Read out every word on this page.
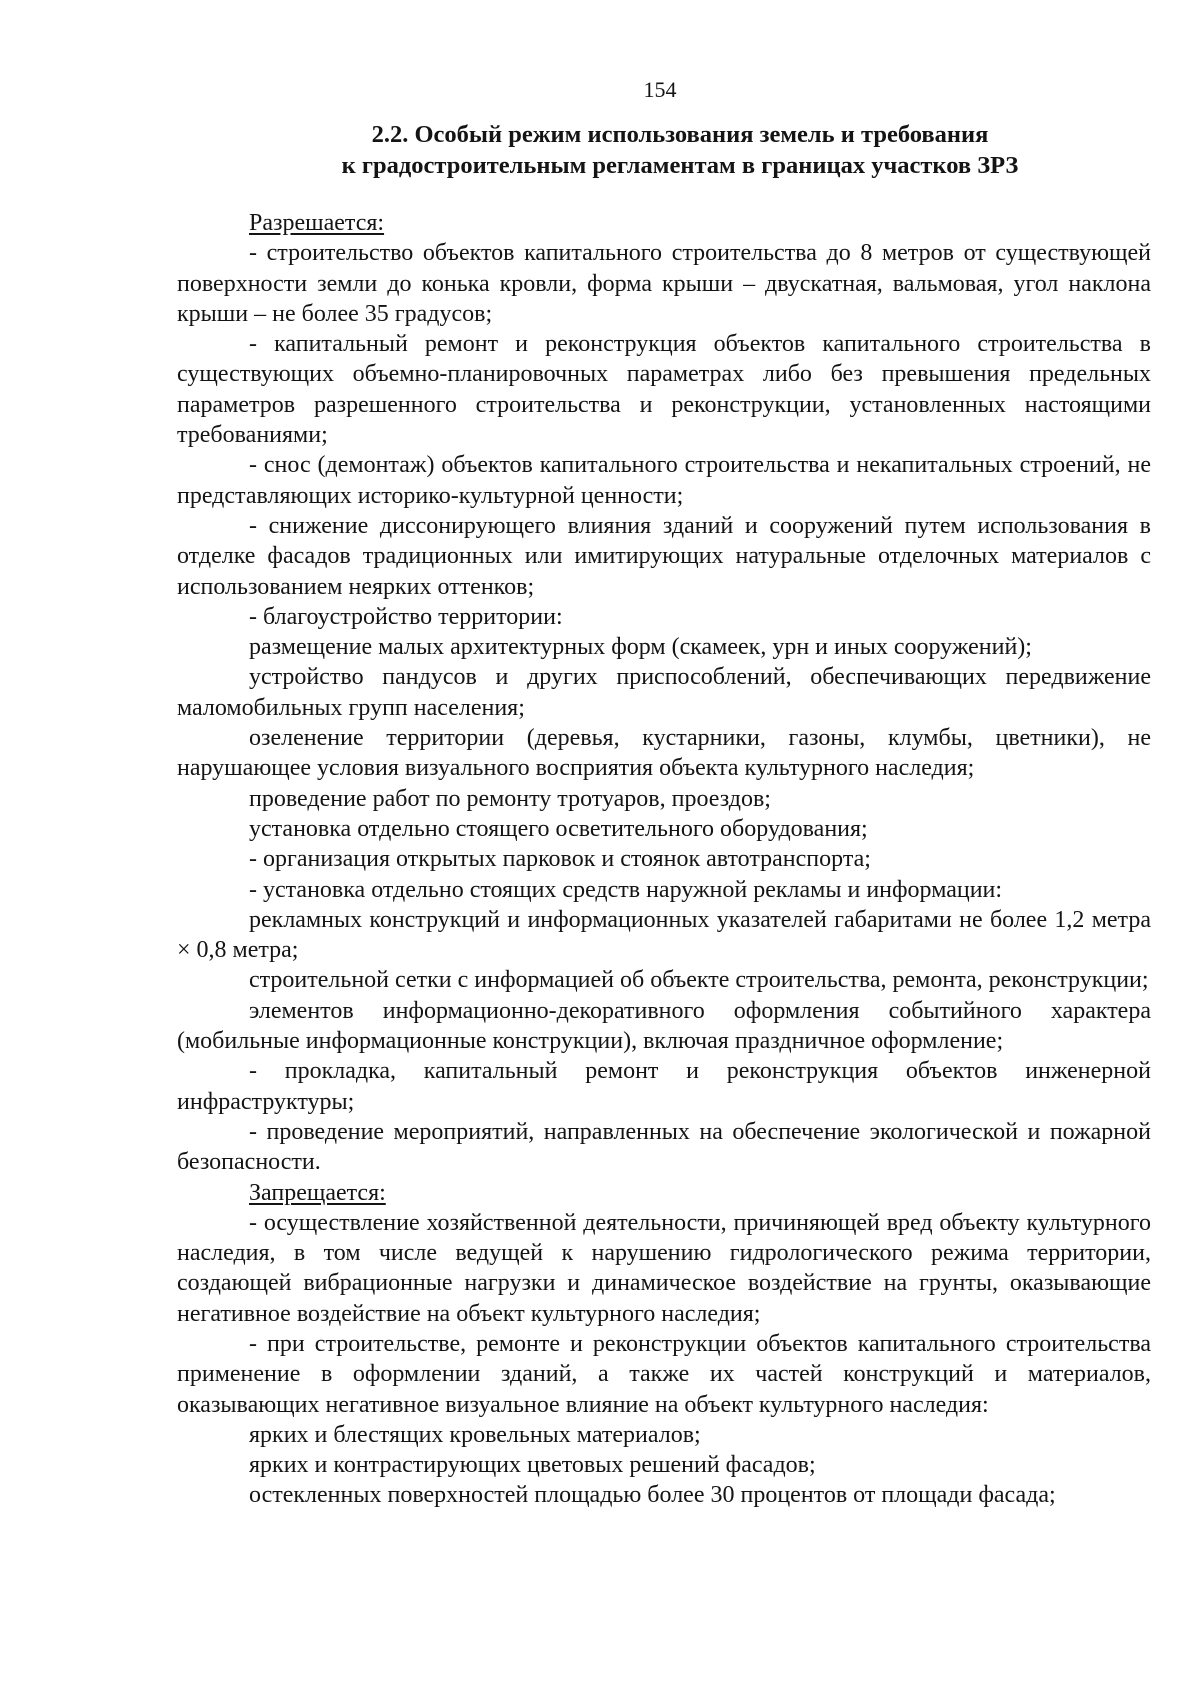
154
2.2. Особый режим использования земель и требования
к градостроительным регламентам в границах участков ЗРЗ

Разрешается:

- строительство объектов капитального строительства до 8 метров от существующей поверхности земли до конька кровли, форма крыши – двускатная, вальмовая, угол наклона крыши – не более 35 градусов;

- капитальный ремонт и реконструкция объектов капитального строительства в существующих объемно-планировочных параметрах либо без превышения предельных параметров разрешенного строительства и реконструкции, установленных настоящими требованиями;

- снос (демонтаж) объектов капитального строительства и некапитальных строений, не представляющих историко-культурной ценности;

- снижение диссонирующего влияния зданий и сооружений путем использования в отделке фасадов традиционных или имитирующих натуральные отделочных материалов с использованием неярких оттенков;

- благоустройство территории:

размещение малых архитектурных форм (скамеек, урн и иных сооружений);

устройство пандусов и других приспособлений, обеспечивающих передвижение маломобильных групп населения;

озеленение территории (деревья, кустарники, газоны, клумбы, цветники), не нарушающее условия визуального восприятия объекта культурного наследия;

проведение работ по ремонту тротуаров, проездов;

установка отдельно стоящего осветительного оборудования;

- организация открытых парковок и стоянок автотранспорта;

- установка отдельно стоящих средств наружной рекламы и информации:

рекламных конструкций и информационных указателей габаритами не более 1,2 метра × 0,8 метра;

строительной сетки с информацией об объекте строительства, ремонта, реконструкции;

элементов информационно-декоративного оформления событийного характера (мобильные информационные конструкции), включая праздничное оформление;

- прокладка, капитальный ремонт и реконструкция объектов инженерной инфраструктуры;

- проведение мероприятий, направленных на обеспечение экологической и пожарной безопасности.

Запрещается:

- осуществление хозяйственной деятельности, причиняющей вред объекту культурного наследия, в том числе ведущей к нарушению гидрологического режима территории, создающей вибрационные нагрузки и динамическое воздействие на грунты, оказывающие негативное воздействие на объект культурного наследия;

- при строительстве, ремонте и реконструкции объектов капитального строительства применение в оформлении зданий, а также их частей конструкций и материалов, оказывающих негативное визуальное влияние на объект культурного наследия:

ярких и блестящих кровельных материалов;

ярких и контрастирующих цветовых решений фасадов;

остекленных поверхностей площадью более 30 процентов от площади фасада;
